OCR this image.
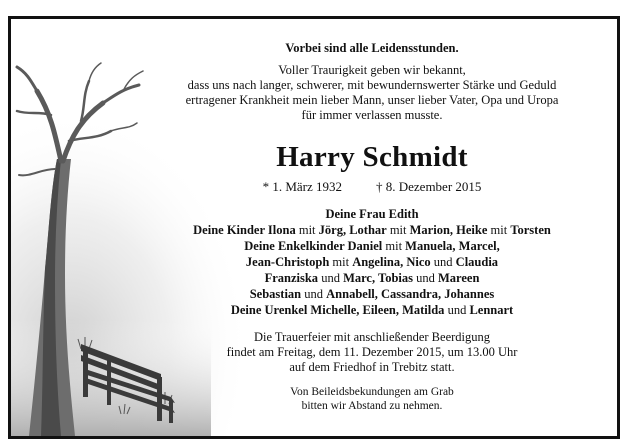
Vorbei sind alle Leidensstunden.
Voller Traurigkeit geben wir bekannt,
dass uns nach langer, schwerer, mit bewundernswerter Stärke und Geduld
ertragener Krankheit mein lieber Mann, unser lieber Vater, Opa und Uropa
für immer verlassen musste.
Harry Schmidt
* 1. März 1932	† 8. Dezember 2015
Deine Frau Edith
Deine Kinder Ilona mit Jörg, Lothar mit Marion, Heike mit Torsten
Deine Enkelkinder Daniel mit Manuela, Marcel,
Jean-Christoph mit Angelina, Nico und Claudia
Franziska und Marc, Tobias und Mareen
Sebastian und Annabell, Cassandra, Johannes
Deine Urenkel Michelle, Eileen, Matilda und Lennart
Die Trauerfeier mit anschließender Beerdigung
findet am Freitag, dem 11. Dezember 2015, um 13.00 Uhr
auf dem Friedhof in Trebitz statt.
Von Beileidsbekundungen am Grab
bitten wir Abstand zu nehmen.
